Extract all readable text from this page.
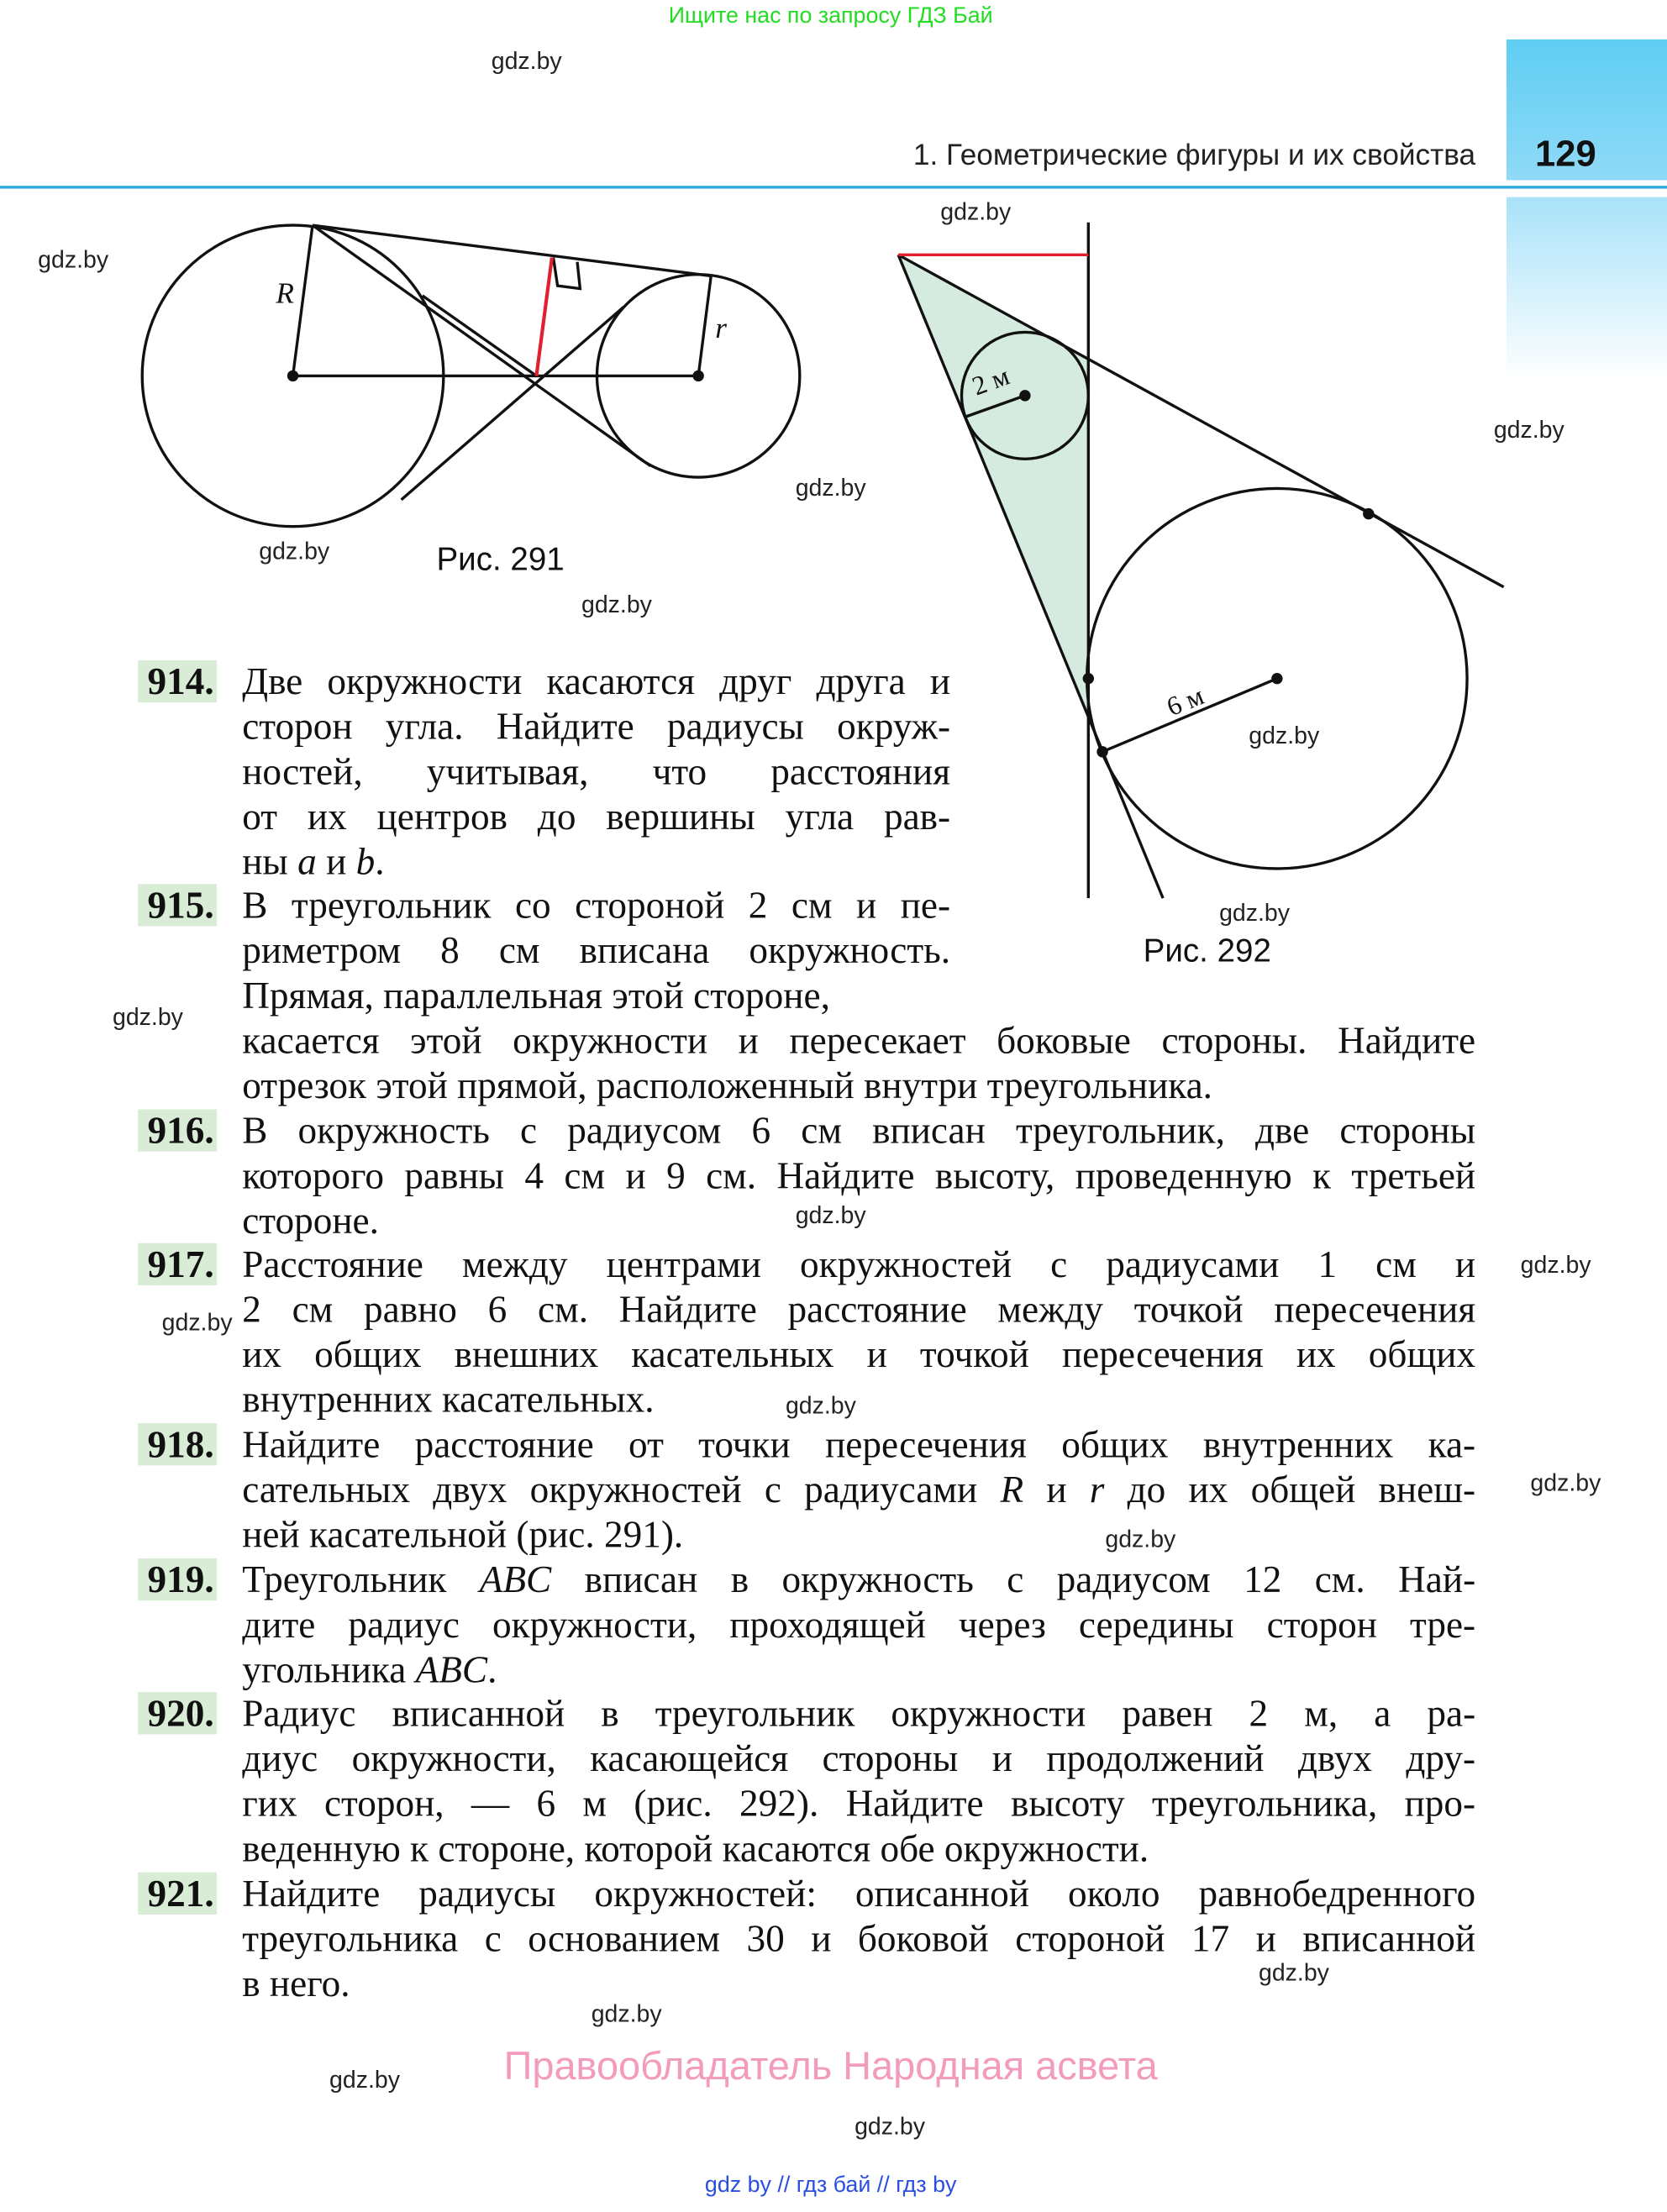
Ищите нас по запросу ГДЗ Бай
129
1. Геометрические фигуры и их свойства
R
r
Рис. 291
2 м
6 м
Рис. 292
914. Две окружности касаются друг друга и
сторон угла. Найдите радиусы окруж-
ностей, учитывая, что расстояния
от их центров до вершины угла рав-
ны a и b.
915. В треугольник со стороной 2 см и пе-
риметром 8 см вписана окружность.
Прямая, параллельная этой стороне,
касается этой окружности и пересекает боковые стороны. Найдите
отрезок этой прямой, расположенный внутри треугольника.
916. В окружность с радиусом 6 см вписан треугольник, две стороны
которого равны 4 см и 9 см. Найдите высоту, проведенную к третьей
стороне.
917. Расстояние между центрами окружностей с радиусами 1 см и
2 см равно 6 см. Найдите расстояние между точкой пересечения
их общих внешних касательных и точкой пересечения их общих
внутренних касательных.
918. Найдите расстояние от точки пересечения общих внутренних ка-
сательных двух окружностей с радиусами R и r до их общей внеш-
ней касательной (рис. 291).
919. Треугольник ABC вписан в окружность с радиусом 12 см. Най-
дите радиус окружности, проходящей через середины сторон тре-
угольника ABC.
920. Радиус вписанной в треугольник окружности равен 2 м, а ра-
диус окружности, касающейся стороны и продолжений двух дру-
гих сторон, — 6 м (рис. 292). Найдите высоту треугольника, про-
веденную к стороне, которой касаются обе окружности.
921. Найдите радиусы окружностей: описанной около равнобедренного
треугольника с основанием 30 и боковой стороной 17 и вписанной
в него.
gdz.by
gdz.by
gdz.by
gdz.by
gdz.by
gdz.by
gdz.by
gdz.by
gdz.by
gdz.by
gdz.by
gdz.by
gdz.by
gdz.by
gdz.by
gdz.by
gdz.by
gdz.by
gdz.by
gdz.by
Правообладатель Народная асвета
gdz by // гдз бай // гдз by
